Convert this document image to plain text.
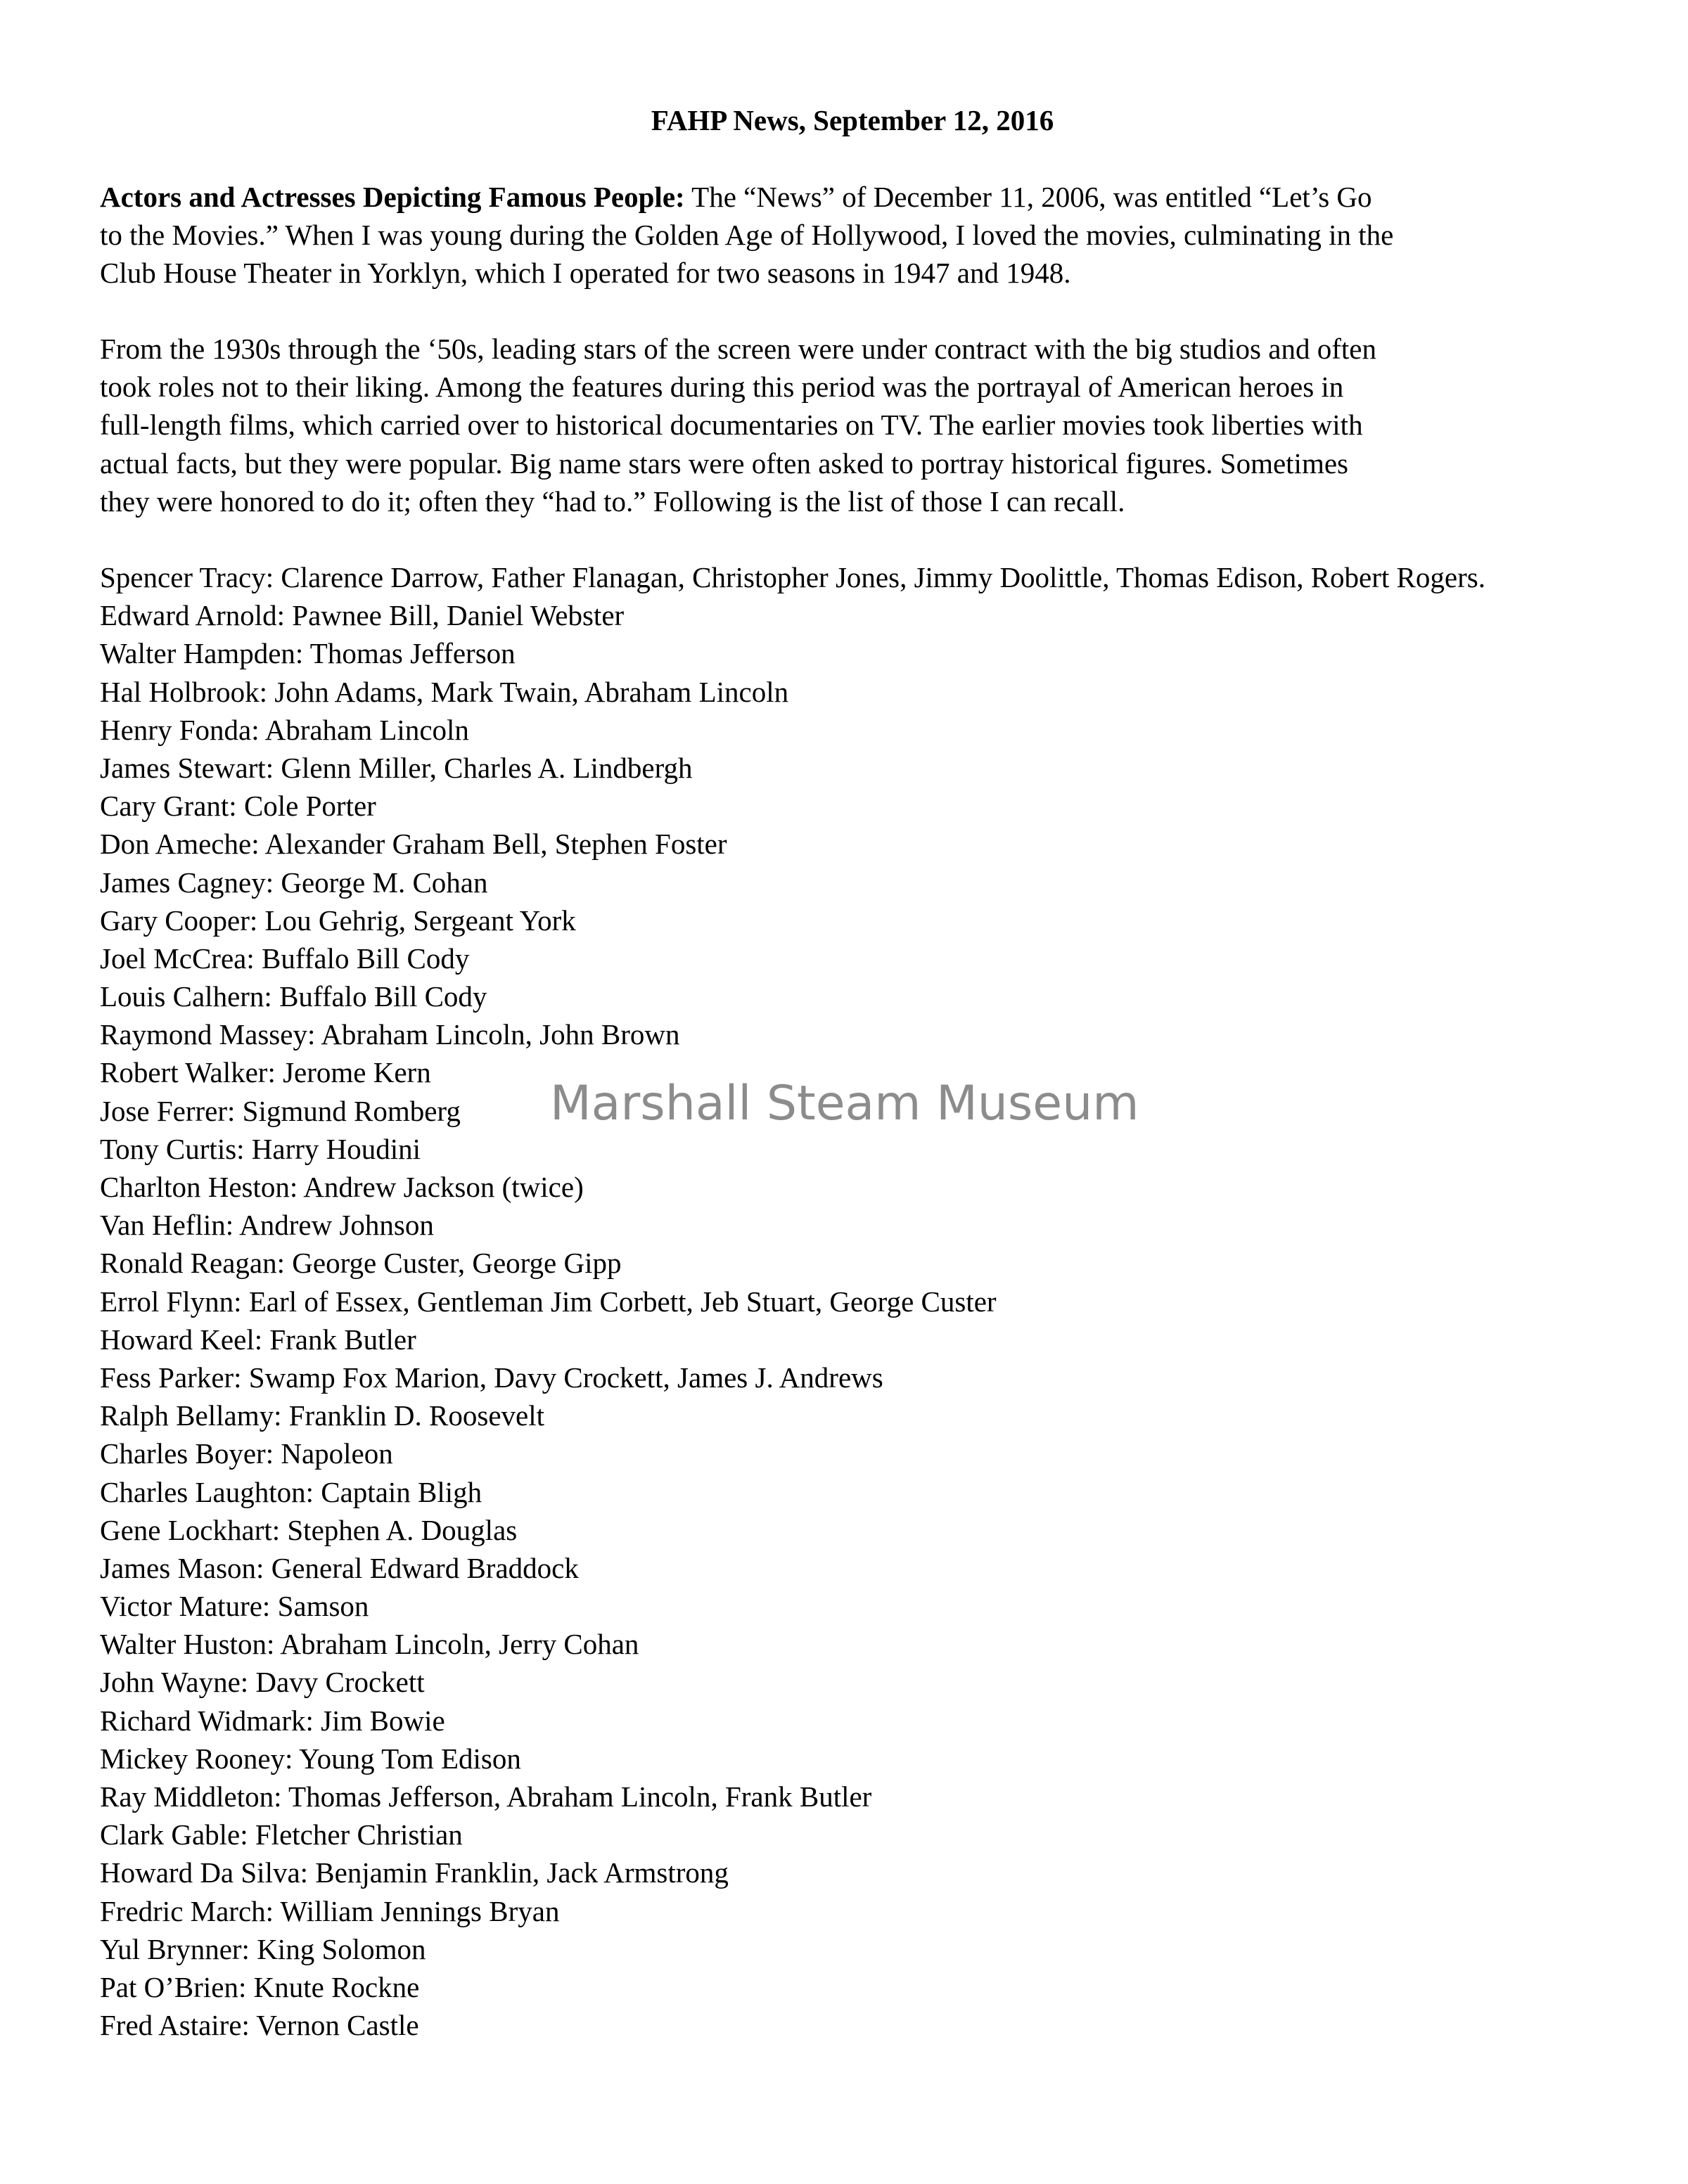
FAHP News, September 12, 2016
Actors and Actresses Depicting Famous People: The “News” of December 11, 2006, was entitled “Let’s Go
to the Movies.” When I was young during the Golden Age of Hollywood, I loved the movies, culminating in the
Club House Theater in Yorklyn, which I operated for two seasons in 1947 and 1948.
From the 1930s through the ‘50s, leading stars of the screen were under contract with the big studios and often
took roles not to their liking. Among the features during this period was the portrayal of American heroes in
full-length films, which carried over to historical documentaries on TV. The earlier movies took liberties with
actual facts, but they were popular. Big name stars were often asked to portray historical figures. Sometimes
they were honored to do it; often they “had to.” Following is the list of those I can recall.
Spencer Tracy: Clarence Darrow, Father Flanagan, Christopher Jones, Jimmy Doolittle, Thomas Edison, Robert Rogers.
Edward Arnold: Pawnee Bill, Daniel Webster
Walter Hampden: Thomas Jefferson
Hal Holbrook: John Adams, Mark Twain, Abraham Lincoln
Henry Fonda: Abraham Lincoln
James Stewart: Glenn Miller, Charles A. Lindbergh
Cary Grant: Cole Porter
Don Ameche: Alexander Graham Bell, Stephen Foster
James Cagney: George M. Cohan
Gary Cooper: Lou Gehrig, Sergeant York
Joel McCrea: Buffalo Bill Cody
Louis Calhern: Buffalo Bill Cody
Raymond Massey: Abraham Lincoln, John Brown
Robert Walker: Jerome Kern
Jose Ferrer: Sigmund Romberg
Tony Curtis: Harry Houdini
Charlton Heston: Andrew Jackson (twice)
Van Heflin: Andrew Johnson
Ronald Reagan: George Custer, George Gipp
Errol Flynn: Earl of Essex, Gentleman Jim Corbett, Jeb Stuart, George Custer
Howard Keel: Frank Butler
Fess Parker: Swamp Fox Marion, Davy Crockett, James J. Andrews
Ralph Bellamy: Franklin D. Roosevelt
Charles Boyer: Napoleon
Charles Laughton: Captain Bligh
Gene Lockhart: Stephen A. Douglas
James Mason: General Edward Braddock
Victor Mature: Samson
Walter Huston: Abraham Lincoln, Jerry Cohan
John Wayne: Davy Crockett
Richard Widmark: Jim Bowie
Mickey Rooney: Young Tom Edison
Ray Middleton: Thomas Jefferson, Abraham Lincoln, Frank Butler
Clark Gable: Fletcher Christian
Howard Da Silva: Benjamin Franklin, Jack Armstrong
Fredric March: William Jennings Bryan
Yul Brynner: King Solomon
Pat O’Brien: Knute Rockne
Fred Astaire: Vernon Castle
Marshall Steam Museum
